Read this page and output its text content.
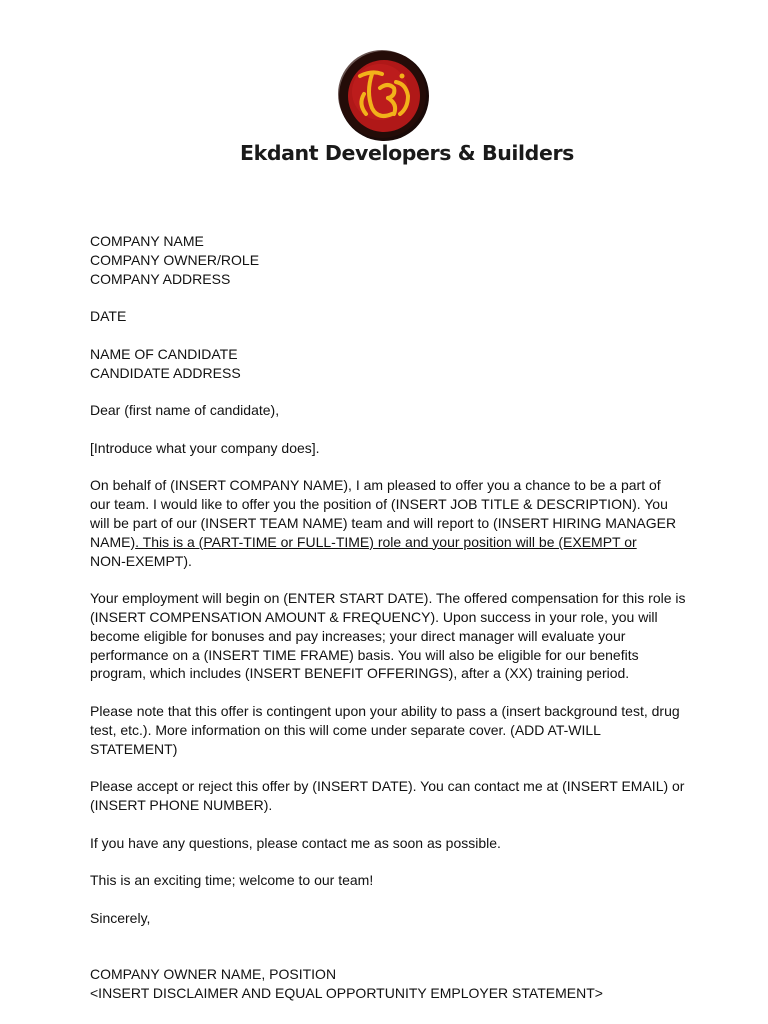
Ekdant Developers & Builders

COMPANY NAME
COMPANY OWNER/ROLE
COMPANY ADDRESS

DATE

NAME OF CANDIDATE
CANDIDATE ADDRESS

Dear (first name of candidate),

[Introduce what your company does].

On behalf of (INSERT COMPANY NAME), I am pleased to offer you a chance to be a part of
our team. I would like to offer you the position of (INSERT JOB TITLE & DESCRIPTION). You
will be part of our (INSERT TEAM NAME) team and will report to (INSERT HIRING MANAGER
NAME). This is a (PART-TIME or FULL-TIME) role and your position will be (EXEMPT or
NON-EXEMPT).

Your employment will begin on (ENTER START DATE). The offered compensation for this role is
(INSERT COMPENSATION AMOUNT & FREQUENCY). Upon success in your role, you will
become eligible for bonuses and pay increases; your direct manager will evaluate your
performance on a (INSERT TIME FRAME) basis. You will also be eligible for our benefits
program, which includes (INSERT BENEFIT OFFERINGS), after a (XX) training period.

Please note that this offer is contingent upon your ability to pass a (insert background test, drug
test, etc.). More information on this will come under separate cover. (ADD AT-WILL
STATEMENT)

Please accept or reject this offer by (INSERT DATE). You can contact me at (INSERT EMAIL) or
(INSERT PHONE NUMBER).

If you have any questions, please contact me as soon as possible.

This is an exciting time; welcome to our team!

Sincerely,

COMPANY OWNER NAME, POSITION
<INSERT DISCLAIMER AND EQUAL OPPORTUNITY EMPLOYER STATEMENT>
